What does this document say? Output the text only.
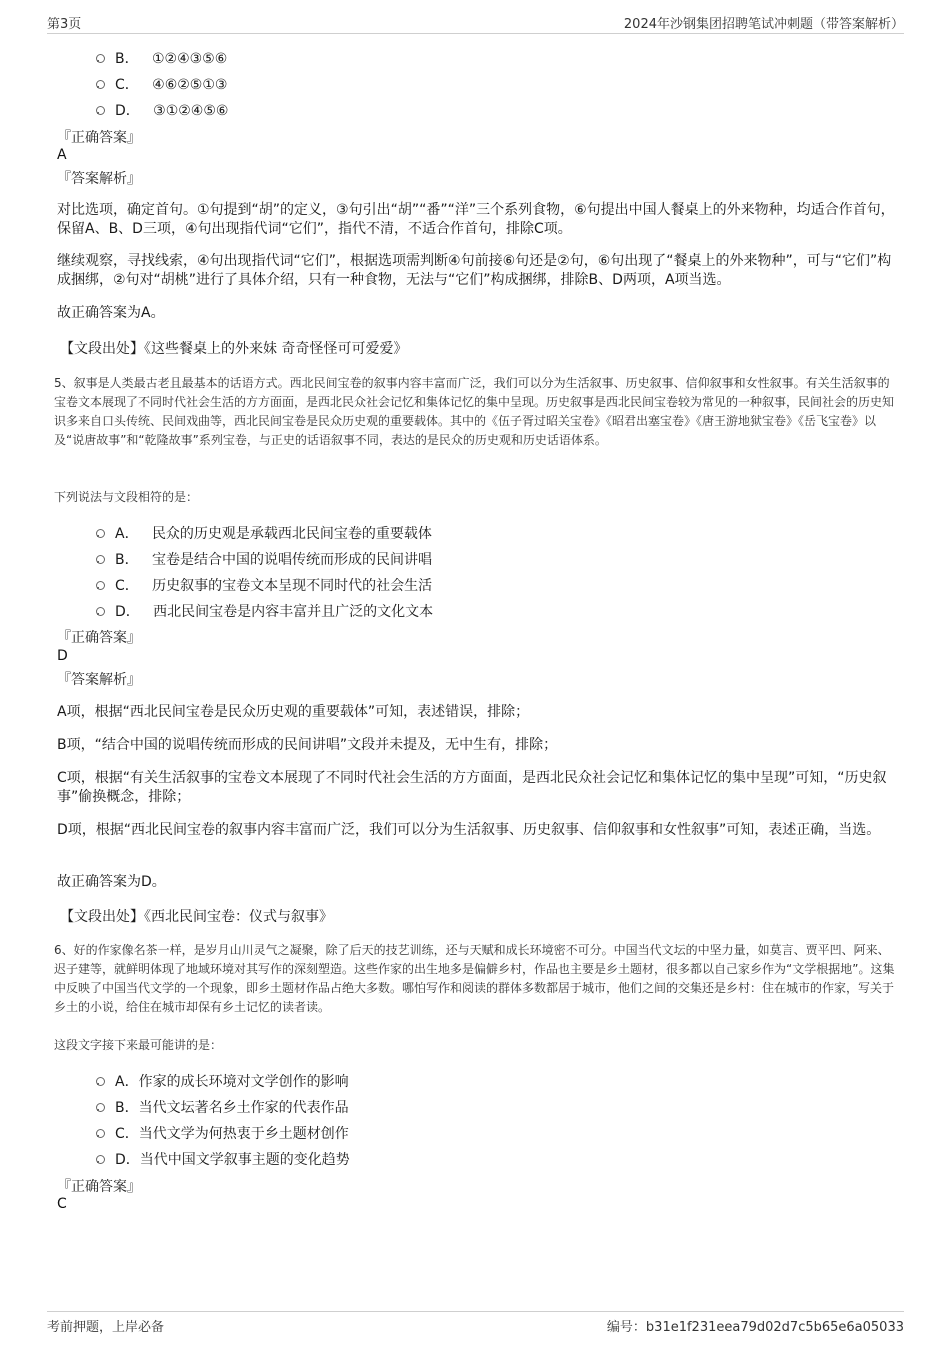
第3页	2024年沙钢集团招聘笔试冲刺题（带答案解析）
B． ①②④③⑤⑥
C． ④⑥②⑤①③
D． ③①②④⑤⑥
『正确答案』
A
『答案解析』
对比选项，确定首句。①句提到“胡”的定义，③句引出“胡”“番”“洋”三个系列食物，⑥句提出中国人餐桌上的外来物种，均适合作首句，保留A、B、D三项，④句出现指代词“它们”，指代不清，不适合作首句，排除C项。
继续观察，寻找线索，④句出现指代词“它们”，根据选项需判断④句前接⑥句还是②句，⑥句出现了“餐桌上的外来物种”，可与“它们”构成捆绑，②句对“胡桃”进行了具体介绍，只有一种食物，无法与“它们”构成捆绑，排除B、D两项，A项当选。
故正确答案为A。
【文段出处】《这些餐桌上的外来妹 奇奇怪怪可可爱爱》
5、叙事是人类最古老且最基本的话语方式。西北民间宝卷的叙事内容丰富而广泛，我们可以分为生活叙事、历史叙事、信仰叙事和女性叙事。有关生活叙事的宝卷文本展现了不同时代社会生活的方方面面，是西北民众社会记忆和集体记忆的集中呈现。历史叙事是西北民间宝卷较为常见的一种叙事，民间社会的历史知识多来自口头传统、民间戏曲等，西北民间宝卷是民众历史观的重要载体。其中的《伍子胥过昭关宝卷》《昭君出塞宝卷》《唐王游地狱宝卷》《岳飞宝卷》以及“说唐故事”和“乾隆故事”系列宝卷，与正史的话语叙事不同，表达的是民众的历史观和历史话语体系。
下列说法与文段相符的是：
A． 民众的历史观是承载西北民间宝卷的重要载体
B． 宝卷是结合中国的说唱传统而形成的民间讲唱
C． 历史叙事的宝卷文本呈现不同时代的社会生活
D． 西北民间宝卷是内容丰富并且广泛的文化文本
『正确答案』
D
『答案解析』
A项，根据“西北民间宝卷是民众历史观的重要载体”可知，表述错误，排除；
B项，“结合中国的说唱传统而形成的民间讲唱”文段并未提及，无中生有，排除；
C项，根据“有关生活叙事的宝卷文本展现了不同时代社会生活的方方面面，是西北民众社会记忆和集体记忆的集中呈现”可知，“历史叙事”偷换概念，排除；
D项，根据“西北民间宝卷的叙事内容丰富而广泛，我们可以分为生活叙事、历史叙事、信仰叙事和女性叙事”可知，表述正确，当选。
故正确答案为D。
【文段出处】《西北民间宝卷：仪式与叙事》
6、好的作家像名茶一样，是岁月山川灵气之凝聚，除了后天的技艺训练，还与天赋和成长环境密不可分。中国当代文坛的中坚力量，如莫言、贾平凹、阿来、迟子建等，就鲜明体现了地域环境对其写作的深刻塑造。这些作家的出生地多是偏僻乡村，作品也主要是乡土题材，很多都以自己家乡作为“文学根据地”。这集中反映了中国当代文学的一个现象，即乡土题材作品占绝大多数。哪怕写作和阅读的群体多数都居于城市，他们之间的交集还是乡村：住在城市的作家，写关于乡土的小说，给住在城市却保有乡土记忆的读者读。
这段文字接下来最可能讲的是：
A．作家的成长环境对文学创作的影响
B．当代文坛著名乡土作家的代表作品
C．当代文学为何热衷于乡土题材创作
D．当代中国文学叙事主题的变化趋势
『正确答案』
C
考前押题，上岸必备	编号：b31e1f231eea79d02d7c5b65e6a05033
